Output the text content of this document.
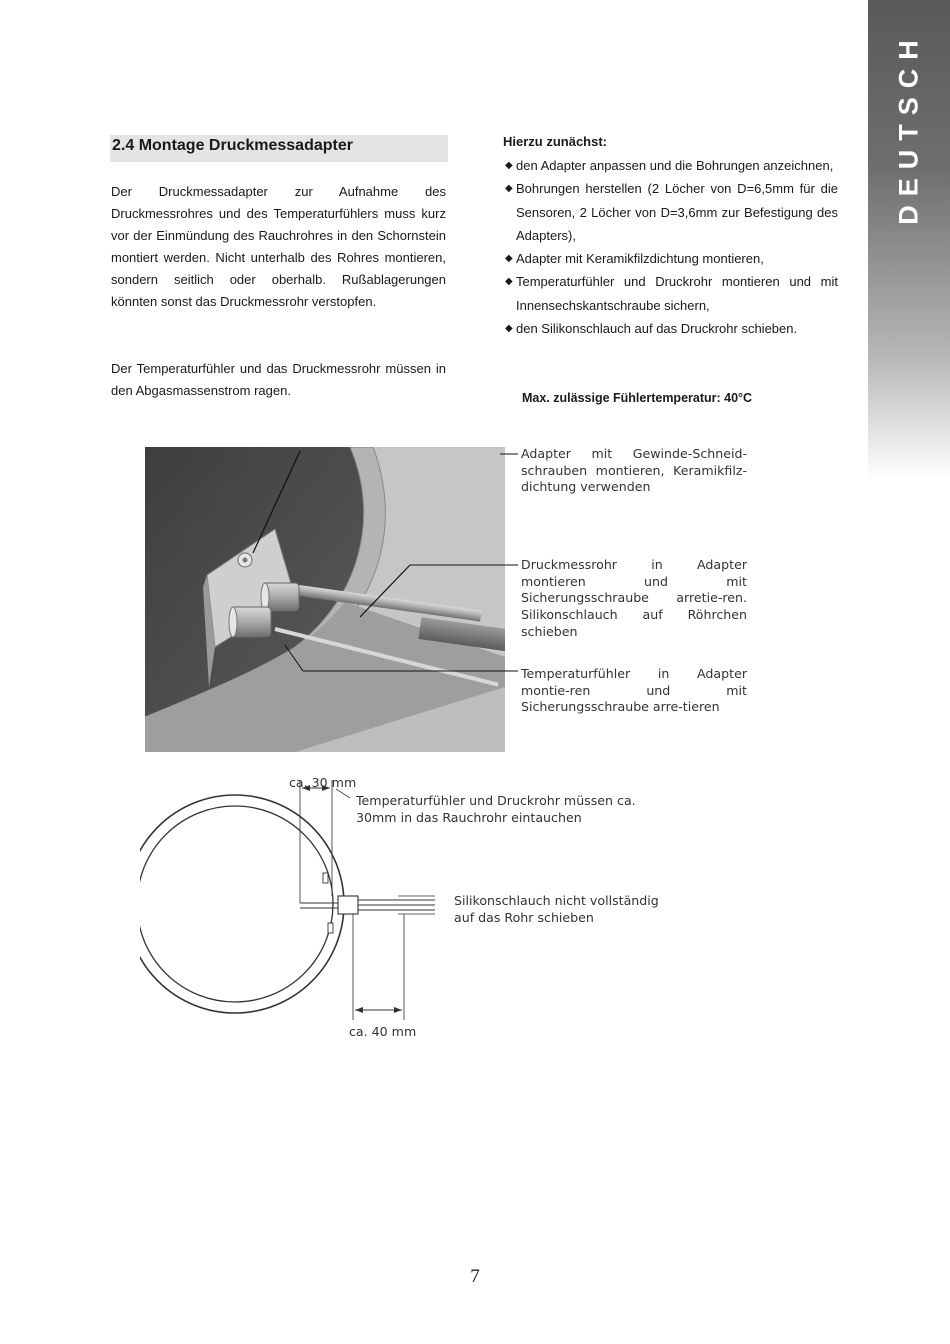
DEUTSCH
2.4 Montage Druckmessadapter

Der Druckmessadapter zur Aufnahme des Druckmessrohres und des Temperaturfühlers muss kurz vor der Einmündung des Rauchrohres in den Schornstein montiert werden. Nicht unterhalb des Rohres montieren, sondern seitlich oder oberhalb. Rußablagerungen könnten sonst das Druckmessrohr verstopfen.

Der Temperaturfühler und das Druckmessrohr müssen in den Abgasmassenstrom ragen.

Hierzu zunächst:
◆ den Adapter anpassen und die Bohrungen anzeichnen,
◆ Bohrungen herstellen (2 Löcher von D=6,5mm für die Sensoren, 2 Löcher von D=3,6mm zur Befestigung des Adapters),
◆ Adapter mit Keramikfilzdichtung montieren,
◆ Temperaturfühler und Druckrohr montieren und mit Innensechskantschraube sichern,
◆ den Silikonschlauch auf das Druckrohr schieben.
Max. zulässige Fühlertemperatur: 40°C

Adapter mit Gewinde-Schneid-schrauben montieren, Keramikfilz-dichtung verwenden

Druckmessrohr in Adapter montieren und mit Sicherungsschraube arretie-ren. Silikonschlauch auf Röhrchen schieben

Temperaturfühler in Adapter montie-ren und mit Sicherungsschraube arre-tieren

ca. 30 mm
Temperaturfühler und Druckrohr müssen ca. 30mm in das Rauchrohr eintauchen
Silikonschlauch nicht vollständig auf das Rohr schieben
ca. 40 mm
7
